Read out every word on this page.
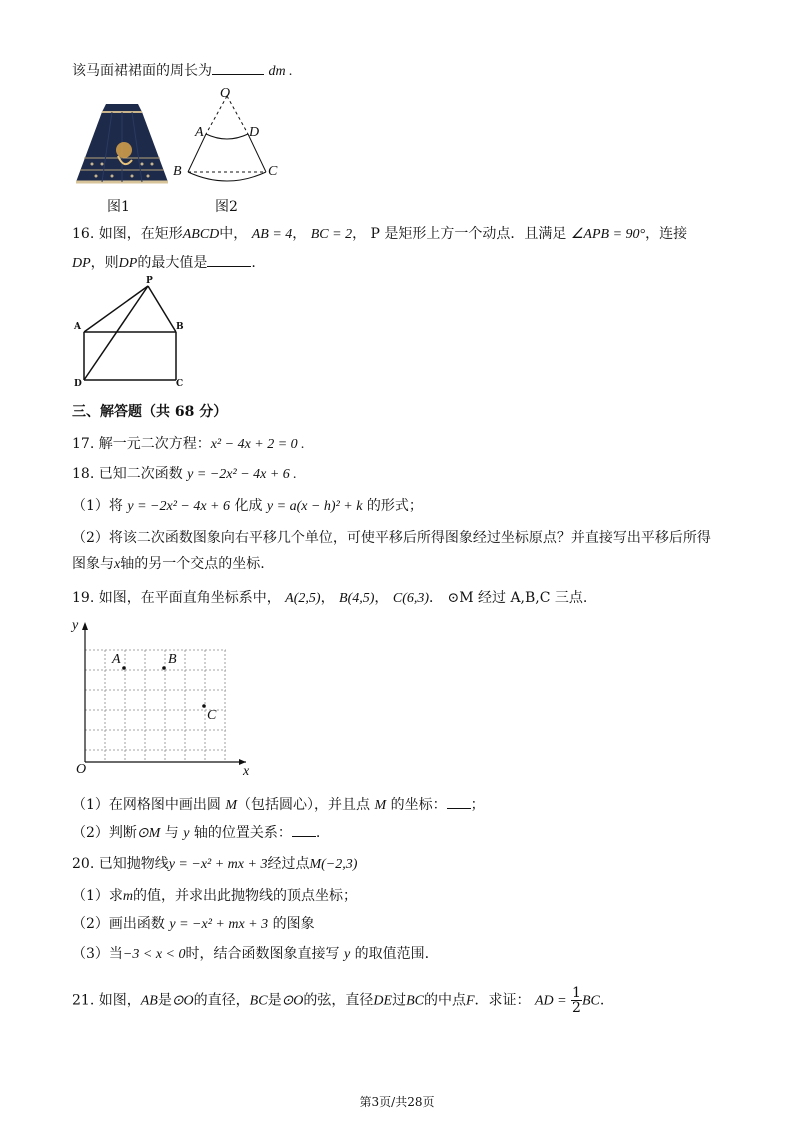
该马面裙裙面的周长为	dm .
图1
O
A	D
B	C
图2
16. 如图，在矩形ABCD中， AB = 4， BC = 2， P 是矩形上方一个动点．且满足 ∠APB = 90°，连接
DP，则DP的最大值是	.
P
A	B
D	C
三、解答题（共 68 分）
17. 解一元二次方程：x² − 4x + 2 = 0 .
18. 已知二次函数 y = −2x² − 4x + 6 .
（1）将 y = −2x² − 4x + 6 化成 y = a(x − h)² + k 的形式；
（2）将该二次函数图象向右平移几个单位，可使平移后所得图象经过坐标原点？并直接写出平移后所得
图象与x轴的另一个交点的坐标.
19. 如图，在平面直角坐标系中， A(2,5)， B(4,5)， C(6,3)． ⊙M 经过 A,B,C 三点.
y
x
O
A	B
C
（1）在网格图中画出圆 M（包括圆心），并且点 M 的坐标： ；
（2）判断⊙M 与 y 轴的位置关系： .
20. 已知抛物线y = −x² + mx + 3经过点M(−2,3)
（1）求m的值，并求出此抛物线的顶点坐标；
（2）画出函数 y = −x² + mx + 3 的图象
（3）当−3 < x < 0时，结合函数图象直接写 y 的取值范围.
21. 如图，AB是⊙O的直径，BC是⊙O的弦，直径DE过BC的中点F．求证： AD = $\frac{1}{2}$ BC.
第3页/共28页
